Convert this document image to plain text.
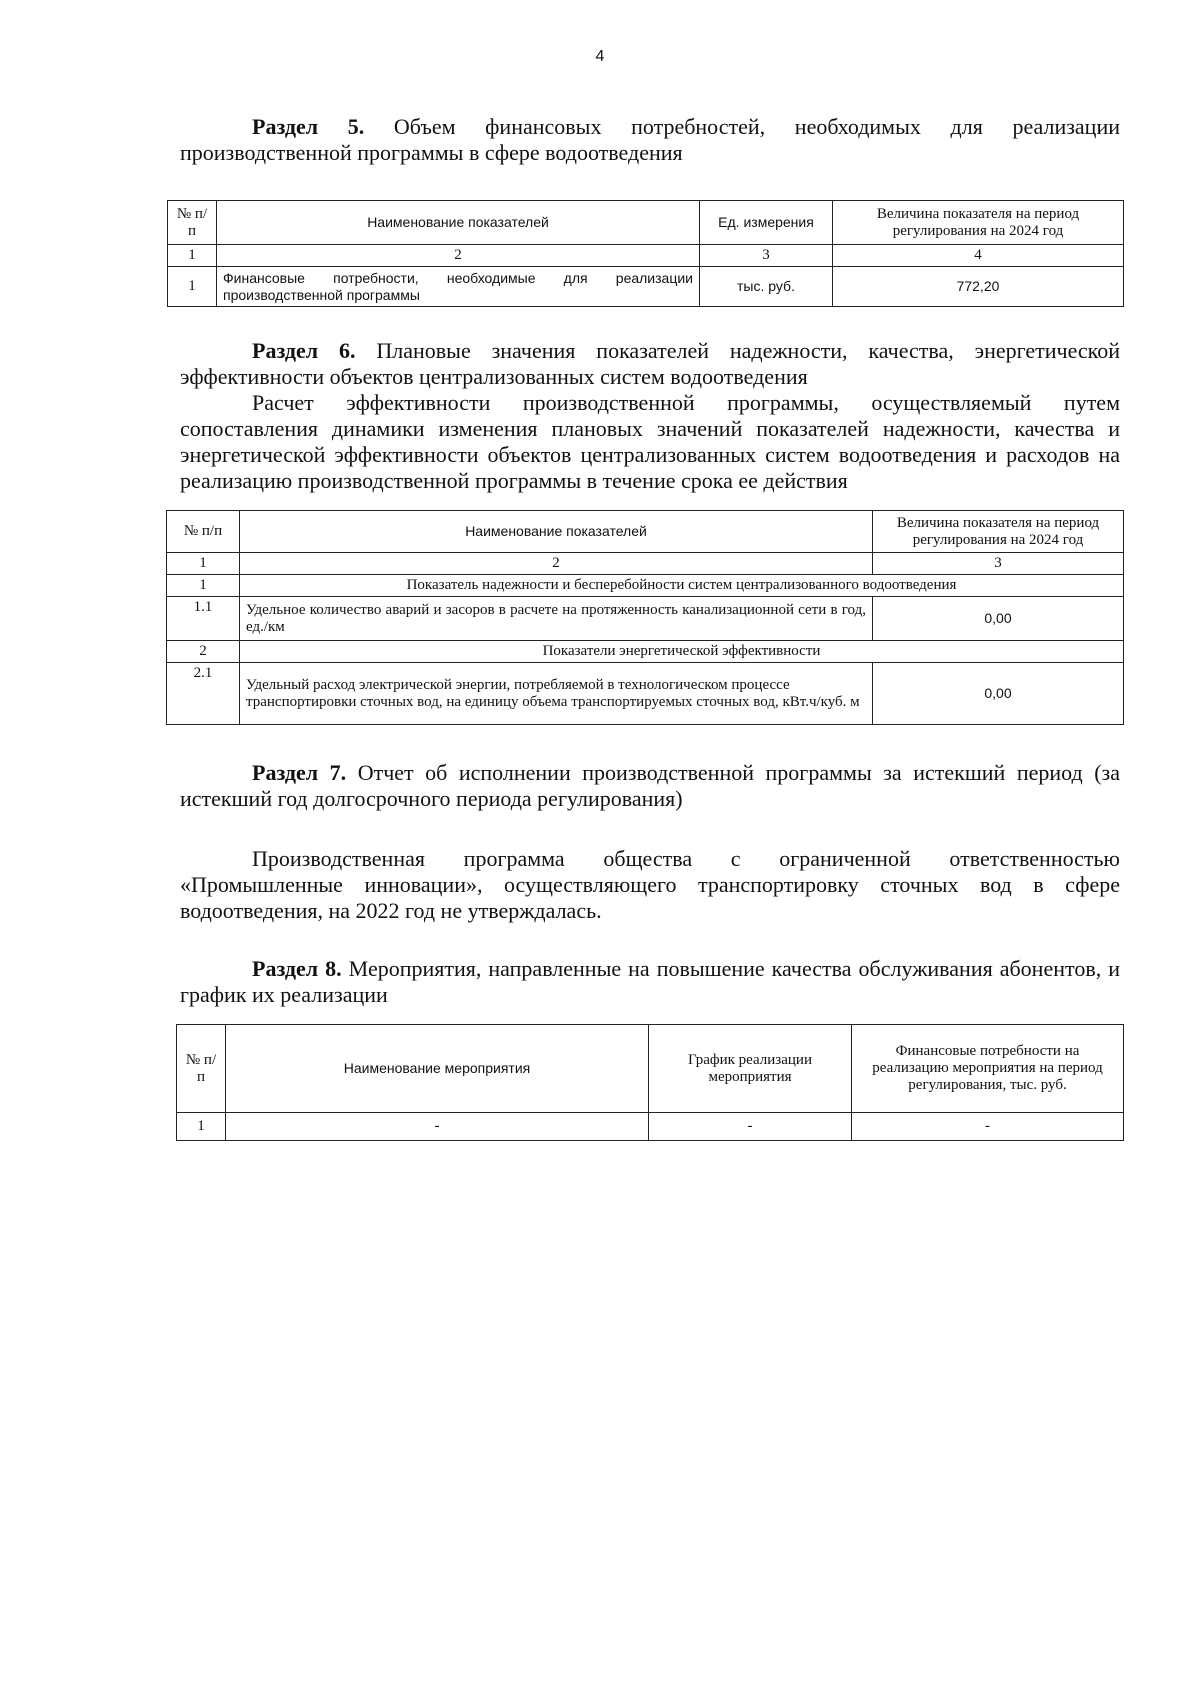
4
Раздел 5. Объем финансовых потребностей, необходимых для реализации производственной программы в сфере водоотведения
№ п/п	Наименование показателей	Ед. измерения	Величина показателя на период регулирования на 2024 год
1	2	3	4
1	Финансовые потребности, необходимые для реализации производственной программы	тыс. руб.	772,20
Раздел 6. Плановые значения показателей надежности, качества, энергетической эффективности объектов централизованных систем водоотведения
Расчет эффективности производственной программы, осуществляемый путем сопоставления динамики изменения плановых значений показателей надежности, качества и энергетической эффективности объектов централизованных систем водоотведения и расходов на реализацию производственной программы в течение срока ее действия
№ п/п	Наименование показателей	Величина показателя на период регулирования на 2024 год
1	2	3
1	Показатель надежности и бесперебойности систем централизованного водоотведения	
1.1	Удельное количество аварий и засоров в расчете на протяженность канализационной сети в год, ед./км	0,00
2	Показатели энергетической эффективности	
2.1	Удельный расход электрической энергии, потребляемой в технологическом процессе транспортировки сточных вод, на единицу объема транспортируемых сточных вод, кВт.ч/куб. м	0,00
Раздел 7. Отчет об исполнении производственной программы за истекший период (за истекший год долгосрочного периода регулирования)
Производственная программа общества с ограниченной ответственностью «Промышленные инновации», осуществляющего транспортировку сточных вод в сфере водоотведения, на 2022 год не утверждалась.
Раздел 8. Мероприятия, направленные на повышение качества обслуживания абонентов, и график их реализации
№ п/п	Наименование мероприятия	График реализации мероприятия	Финансовые потребности на реализацию мероприятия на период регулирования, тыс. руб.
1	-	-	-
